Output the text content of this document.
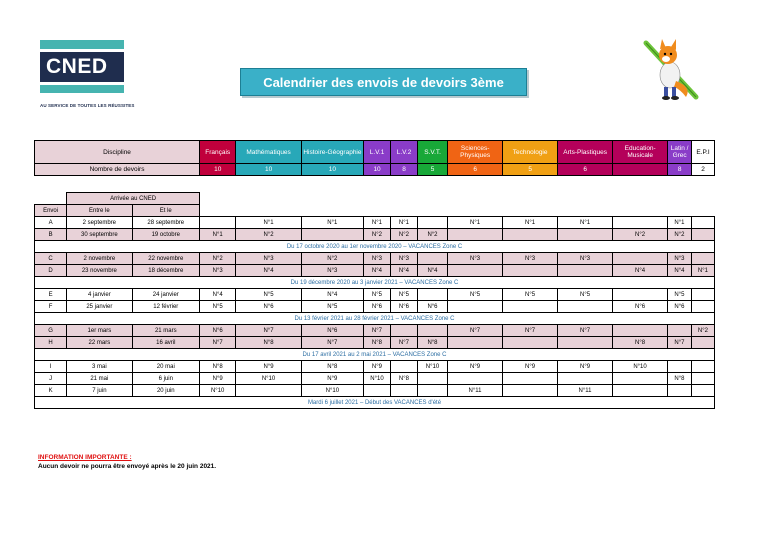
CNED
AU SERVICE DE TOUTES LES RÉUSSITES
Calendrier des envois de devoirs 3ème
Discipline	Français	Mathématiques	Histoire-Géographie	L.V.1	L.V.2	S.V.T.	Sciences-Physiques	Technologie	Arts-Plastiques	Education-Musicale	Latin / Grec	E.P.I
Nombre de devoirs	10	10	10	10	8	5	6	5	6		8	2
	Arrivée au CNED													
Envoi	Entre le	Et le												
A	2 septembre	28 septembre		N°1	N°1	N°1	N°1		N°1	N°1	N°1		N°1	
B	30 septembre	19 octobre	N°1	N°2		N°2	N°2	N°2				N°2	N°2	
Du 17 octobre 2020 au 1er novembre 2020 – VACANCES Zone C														
C	2 novembre	22 novembre	N°2	N°3	N°2	N°3	N°3		N°3	N°3	N°3		N°3	
D	23 novembre	18 décembre	N°3	N°4	N°3	N°4	N°4	N°4				N°4	N°4	N°1
Du 19 décembre 2020 au 3 janvier 2021 – VACANCES Zone C														
E	4 janvier	24 janvier	N°4	N°5	N°4	N°5	N°5		N°5	N°5	N°5		N°5	
F	25 janvier	12 février	N°5	N°6	N°5	N°6	N°6	N°6				N°6	N°6	
Du 13 février 2021 au 28 février 2021 – VACANCES Zone C														
G	1er mars	21 mars	N°6	N°7	N°6	N°7			N°7	N°7	N°7			N°2
H	22 mars	16 avril	N°7	N°8	N°7	N°8	N°7	N°8				N°8	N°7	
Du 17 avril 2021 au 2 mai 2021 – VACANCES Zone C														
I	3 mai	20 mai	N°8	N°9	N°8	N°9		N°10	N°9	N°9	N°9	N°10		
J	21 mai	6 juin	N°9	N°10	N°9	N°10	N°8						N°8	
K	7 juin	20 juin	N°10		N°10				N°11		N°11			
Mardi 6 juillet 2021 – Début des VACANCES d'été														
INFORMATION IMPORTANTE :
Aucun devoir ne pourra être envoyé après le 20 juin 2021.
